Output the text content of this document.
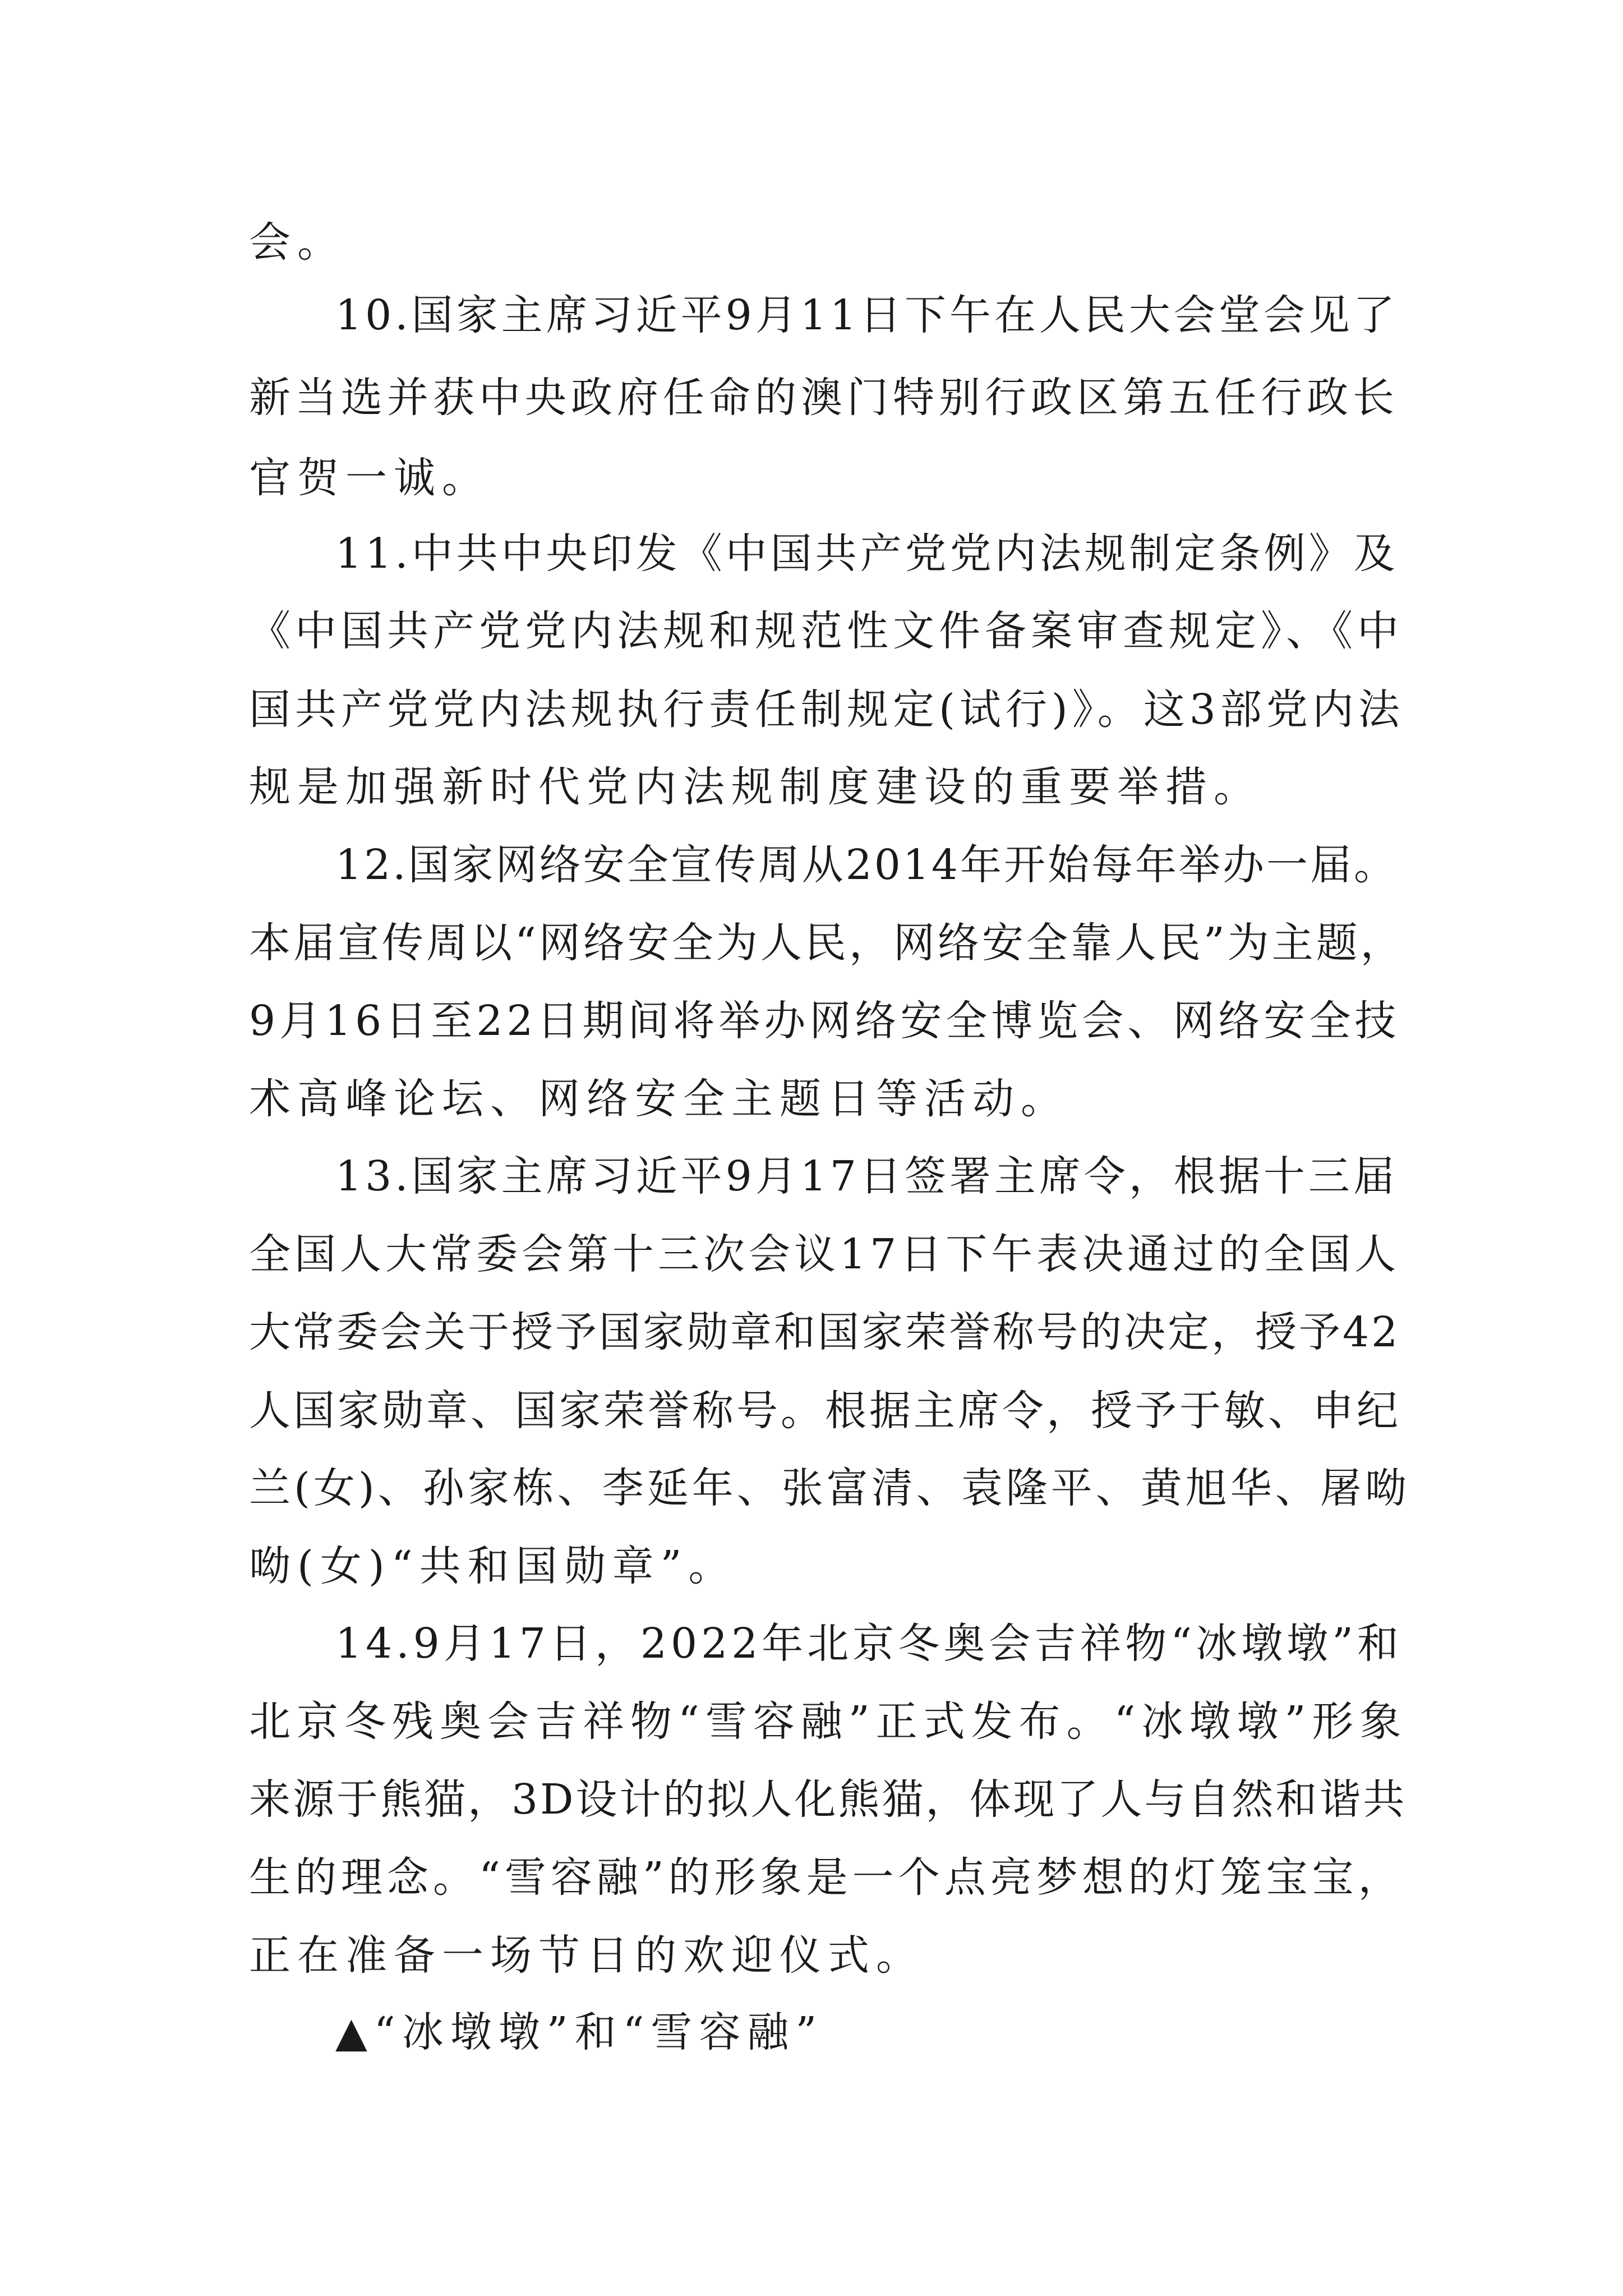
会。
10.国家主席习近平9月11日下午在人民大会堂会见了
新当选并获中央政府任命的澳门特别行政区第五任行政长
官贺一诚。
11.中共中央印发《中国共产党党内法规制定条例》及
《中国共产党党内法规和规范性文件备案审查规定》、《中
国共产党党内法规执行责任制规定(试行)》。这3部党内法
规是加强新时代党内法规制度建设的重要举措。
12.国家网络安全宣传周从2014年开始每年举办一届。
本届宣传周以“网络安全为人民，网络安全靠人民”为主题，
9月16日至22日期间将举办网络安全博览会、网络安全技
术高峰论坛、网络安全主题日等活动。
13.国家主席习近平9月17日签署主席令，根据十三届
全国人大常委会第十三次会议17日下午表决通过的全国人
大常委会关于授予国家勋章和国家荣誉称号的决定，授予42
人国家勋章、国家荣誉称号。根据主席令，授予于敏、申纪
兰(女)、孙家栋、李延年、张富清、袁隆平、黄旭华、屠呦
呦(女)“共和国勋章”。
14.9月17日，2022年北京冬奥会吉祥物“冰墩墩”和
北京冬残奥会吉祥物“雪容融”正式发布。“冰墩墩”形象
来源于熊猫，3D设计的拟人化熊猫，体现了人与自然和谐共
生的理念。“雪容融”的形象是一个点亮梦想的灯笼宝宝，
正在准备一场节日的欢迎仪式。
▲“冰墩墩”和“雪容融”
